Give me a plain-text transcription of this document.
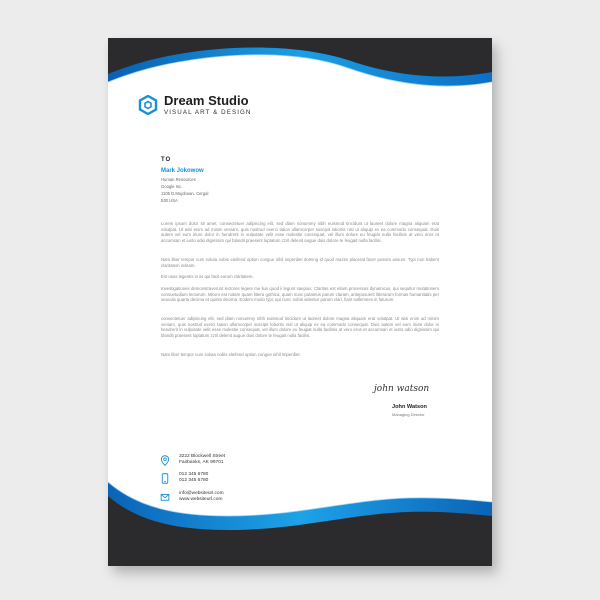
Dream Studio
VISUAL ART & DESIGN
TO
Mark Jokowow
Human Resources
Google Inc.
1105 D.Mujoboan. Cergal
530 USA
Lorem ipsum dolor sit amet, consectetuer adipiscing elit, sed diam nonummy nibh euismod tincidunt ut laoreet dolore magna aliquam erat volutpat. Ut wisi enim ad minim veniam, quis nostrud exerci tation ullamcorper suscipit lobortis nisl ut aliquip ex ea commodo consequat. Duis autem vel eum iriure dolor in hendrerit in vulputate velit esse molestie consequat, vel illum dolore eu feugiat nulla facilisis at vero eros et accumsan et iusto odio dignissim qui blandit praesent luptatum zzril delenit augue duis dolore te feugait nulla facilisi.
Nam liber tempor cum soluta nobis eleifend option congue nihil imperdiet doming id quod mazim placerat facer possim assum. Typi non habent claritatem insitam.
Est usus legentis in iis qui facit eorum claritatem.
Investigationes demonstraverunt lectores legere me lius quod ii legunt saepius. Claritas est etiam processus dynamicus, qui sequitur mutationem consuetudium lectorum. Mirum est notare quam littera gothica, quam nunc putamus parum claram, anteposuerit litterarum formas humanitatis per seacula quarta decima et quinta decima. Eodem modo typi, qui nunc nobis videntur parum clari, fiant sollemnes in futurum.
consectetuer adipiscing elit, sed diam nonummy nibh euismod tincidunt ut laoreet dolore magna aliquam erat volutpat. Ut wisi enim ad minim veniam, quis nostrud exerci tation ullamcorper suscipit lobortis nisl ut aliquip ex ea commodo consequat. Duis autem vel eum iriure dolor in hendrerit in vulputate velit esse molestie consequat, vel illum dolore eu feugiat nulla facilisis at vero eros et accumsan et iusto odio dignissim qui blandit praesent luptatum zzril delenit augue duis dolore te feugait nulla facilisi.
Nam liber tempor cum soluta nobis eleifend option congue nihil imperdiet.
john watson
John Watson
Managing Director
3222 Blockwell Street
Fairbanks, AK 99701
012 345 6780
012 345 6780
info@websiteurl.com
www.websiteurl.com
